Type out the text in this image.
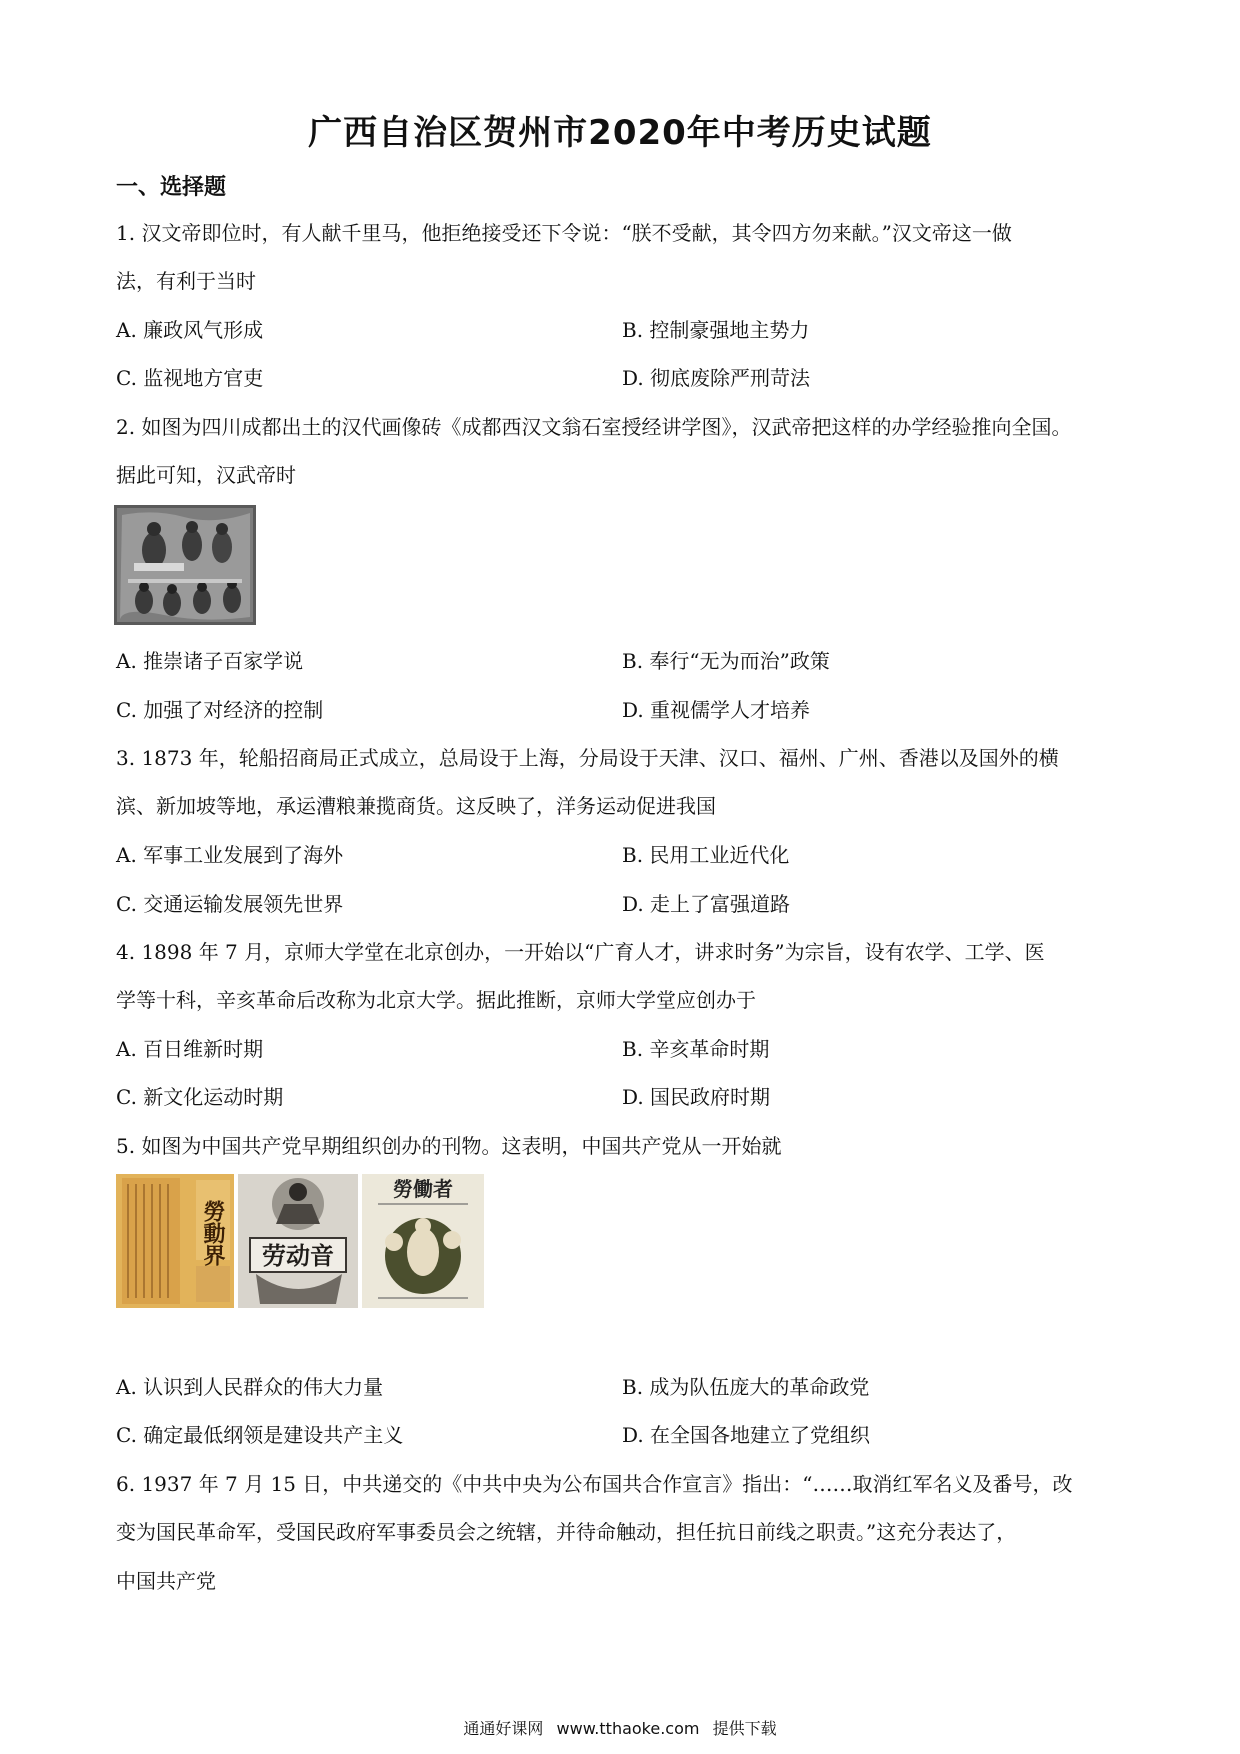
广西自治区贺州市2020年中考历史试题
一、选择题
1. 汉文帝即位时，有人献千里马，他拒绝接受还下令说：“朕不受献，其令四方勿来献。”汉文帝这一做
法，有利于当时
A. 廉政风气形成	B. 控制豪强地主势力
C. 监视地方官吏	D. 彻底废除严刑苛法
2. 如图为四川成都出土的汉代画像砖《成都西汉文翁石室授经讲学图》，汉武帝把这样的办学经验推向全国。
据此可知，汉武帝时
A. 推崇诸子百家学说	B. 奉行“无为而治”政策
C. 加强了对经济的控制	D. 重视儒学人才培养
3. 1873 年，轮船招商局正式成立，总局设于上海，分局设于天津、汉口、福州、广州、香港以及国外的横
滨、新加坡等地，承运漕粮兼揽商货。这反映了，洋务运动促进我国
A. 军事工业发展到了海外	B. 民用工业近代化
C. 交通运输发展领先世界	D. 走上了富强道路
4. 1898 年 7 月，京师大学堂在北京创办，一开始以“广育人才，讲求时务”为宗旨，设有农学、工学、医
学等十科，辛亥革命后改称为北京大学。据此推断，京师大学堂应创办于
A. 百日维新时期	B. 辛亥革命时期
C. 新文化运动时期	D. 国民政府时期
5. 如图为中国共产党早期组织创办的刊物。这表明，中国共产党从一开始就
勞動界 劳动音
勞働者
A. 认识到人民群众的伟大力量	B. 成为队伍庞大的革命政党
C. 确定最低纲领是建设共产主义	D. 在全国各地建立了党组织
6. 1937 年 7 月 15 日，中共递交的《中共中央为公布国共合作宣言》指出：“……取消红军名义及番号，改
变为国民革命军，受国民政府军事委员会之统辖，并待命触动，担任抗日前线之职责。”这充分表达了，
中国共产党
通通好课网 www.tthaoke.com 提供下载
